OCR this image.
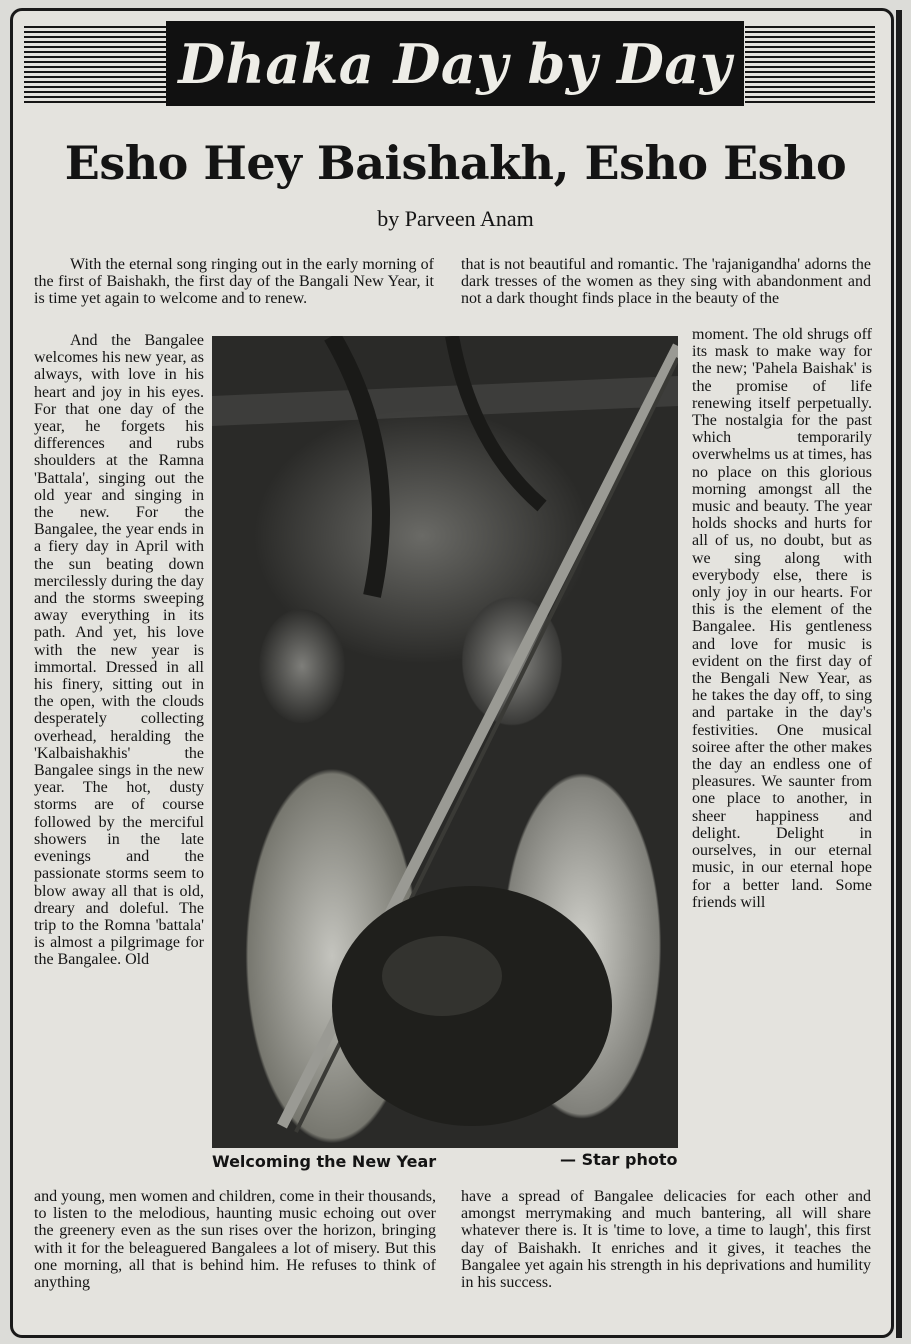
Dhaka Day by Day
Esho Hey Baishakh, Esho Esho
by Parveen Anam

With the eternal song ringing out in the early morning of the first of Baishakh, the first day of the Bangali New Year, it is time yet again to welcome and to renew.

And the Bangalee welcomes his new year, as always, with love in his heart and joy in his eyes. For that one day of the year, he forgets his differences and rubs shoulders at the Ramna 'Battala', singing out the old year and singing in the new. For the Bangalee, the year ends in a fiery day in April with the sun beating down mercilessly during the day and the storms sweeping away everything in its path. And yet, his love with the new year is immortal. Dressed in all his finery, sitting out in the open, with the clouds desperately collecting overhead, heralding the 'Kalbaishakhis' the Bangalee sings in the new year. The hot, dusty storms are of course followed by the merciful showers in the late evenings and the passionate storms seem to blow away all that is old, dreary and doleful. The trip to the Romna 'battala' is almost a pilgrimage for the Bangalee. Old

and young, men women and children, come in their thousands, to listen to the melodious, haunting music echoing out over the greenery even as the sun rises over the horizon, bringing with it for the beleaguered Bangalees a lot of misery. But this one morning, all that is behind him. He refuses to think of anything

that is not beautiful and romantic. The 'rajanigandha' adorns the dark tresses of the women as they sing with abandonment and not a dark thought finds place in the beauty of the

moment. The old shrugs off its mask to make way for the new; 'Pahela Baishak' is the promise of life renewing itself perpetually. The nostalgia for the past which temporarily overwhelms us at times, has no place on this glorious morning amongst all the music and beauty. The year holds shocks and hurts for all of us, no doubt, but as we sing along with everybody else, there is only joy in our hearts. For this is the element of the Bangalee. His gentleness and love for music is evident on the first day of the Bengali New Year, as he takes the day off, to sing and partake in the day's festivities. One musical soiree after the other makes the day an endless one of pleasures. We saunter from one place to another, in sheer happiness and delight. Delight in ourselves, in our eternal music, in our eternal hope for a better land. Some friends will

have a spread of Bangalee delicacies for each other and amongst merrymaking and much bantering, all will share whatever there is. It is 'time to love, a time to laugh', this first day of Baishakh. It enriches and it gives, it teaches the Bangalee yet again his strength in his deprivations and humility in his success.

Welcoming the New Year	— Star photo
